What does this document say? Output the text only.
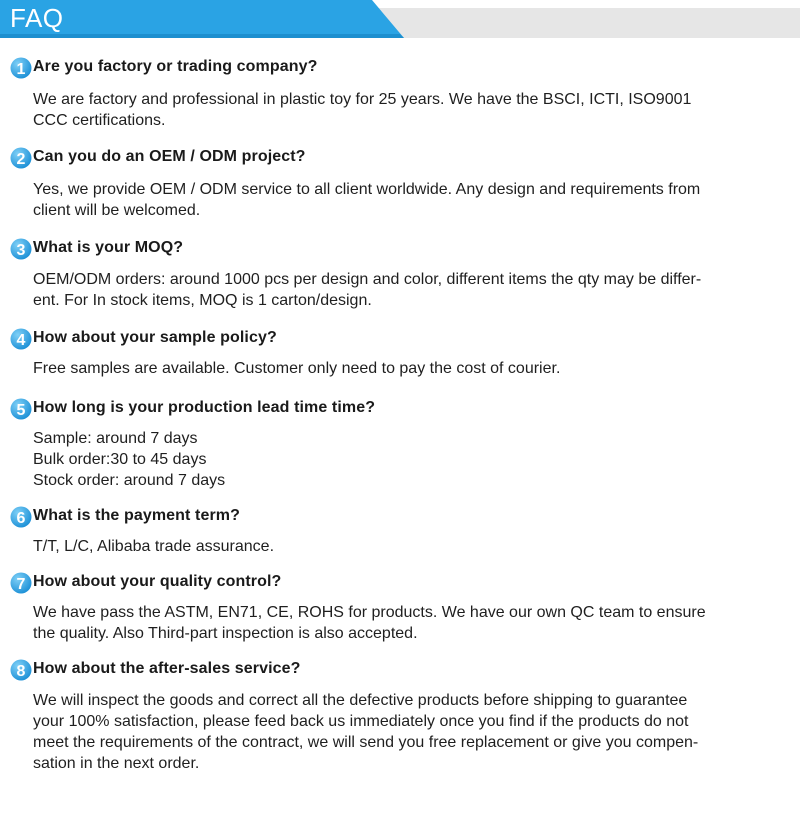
FAQ
1 Are you factory or trading company?
We are factory and professional in plastic toy for 25 years. We have the BSCI, ICTI, ISO9001
CCC certifications.
2 Can you do an OEM / ODM project?
Yes, we provide OEM / ODM service to all client worldwide. Any design and requirements from
client will be welcomed.
3 What is your MOQ?
OEM/ODM orders: around 1000 pcs per design and color, different items the qty may be differ-
ent. For In stock items, MOQ is 1 carton/design.
4 How about your sample policy?
Free samples are available. Customer only need to pay the cost of courier.
5 How long is your production lead time time?
Sample: around 7 days
Bulk order:30 to 45 days
Stock order: around 7 days
6 What is the payment term?
T/T, L/C, Alibaba trade assurance.
7 How about your quality control?
We have pass the ASTM, EN71, CE, ROHS for products. We have our own QC team to ensure
the quality. Also Third-part inspection is also accepted.
8 How about the after-sales service?
We will inspect the goods and correct all the defective products before shipping to guarantee
your 100% satisfaction, please feed back us immediately once you find if the products do not
meet the requirements of the contract, we will send you free replacement or give you compen-
sation in the next order.
